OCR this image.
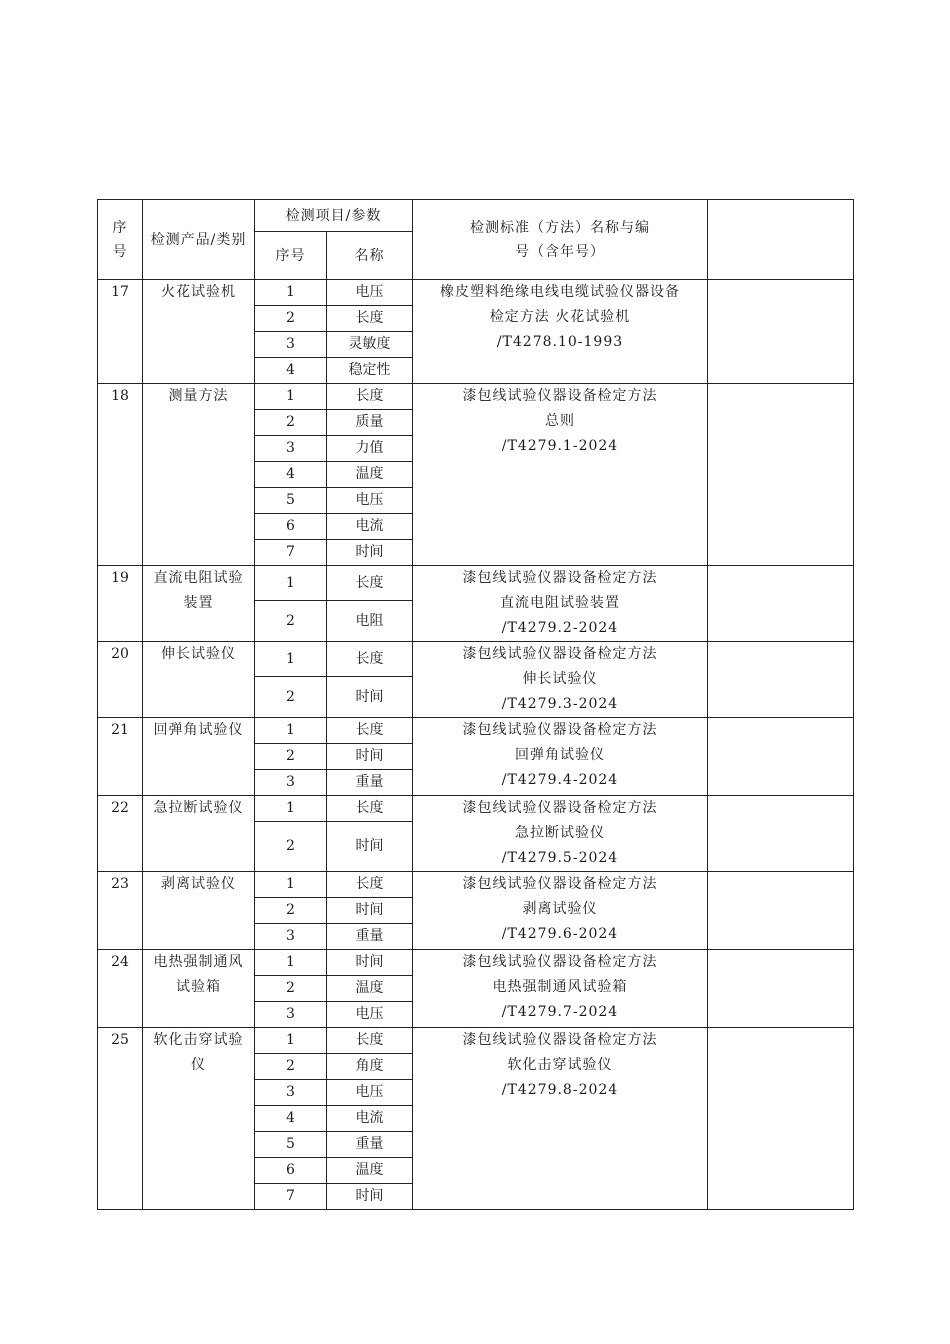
序号	检测产品/类别	检测项目/参数		检测标准（方法）名称与编号（含年号）	
		序号	名称		
17	火花试验机	1	电压	橡皮塑料绝缘电线电缆试验仪器设备
检定方法 火花试验机
/T4278.10-1993	

		2	长度		
		3	灵敏度		
		4	稳定性		
18	测量方法	1	长度	漆包线试验仪器设备检定方法
总则
/T4279.1-2024	

		2	质量		
		3	力值		
		4	温度		
		5	电压		
		6	电流		
		7	时间		
19	直流电阻试验装置	1	长度	漆包线试验仪器设备检定方法
直流电阻试验装置
/T4279.2-2024	

		2	电阻		
20	伸长试验仪	1	长度	漆包线试验仪器设备检定方法
伸长试验仪
/T4279.3-2024	

		2	时间		
21	回弹角试验仪	1	长度	漆包线试验仪器设备检定方法
回弹角试验仪
/T4279.4-2024	

		2	时间		
		3	重量		
22	急拉断试验仪	1	长度	漆包线试验仪器设备检定方法
急拉断试验仪
/T4279.5-2024	

		2	时间		
23	剥离试验仪	1	长度	漆包线试验仪器设备检定方法
剥离试验仪
/T4279.6-2024	

		2	时间		
		3	重量		
24	电热强制通风试验箱	1	时间	漆包线试验仪器设备检定方法
电热强制通风试验箱
/T4279.7-2024	

		2	温度		
		3	电压		
25	软化击穿试验仪	1	长度	漆包线试验仪器设备检定方法
软化击穿试验仪
/T4279.8-2024	

		2	角度		
		3	电压		
		4	电流		
		5	重量		
		6	温度		
		7	时间		
